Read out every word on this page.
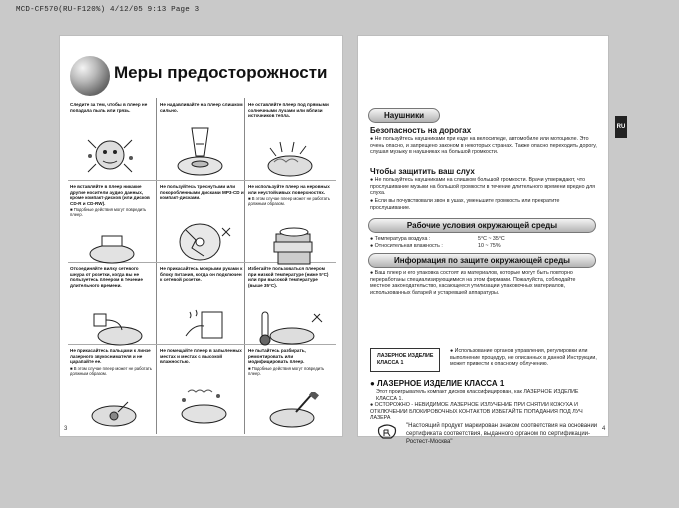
MCD-CF570(RU-F120%) 4/12/05 9:13 Page 3
Меры предосторожности
Следите за тем, чтобы в плеер не попадала пыль или грязь.
Не надавливайте на плеер слишком сильно.
Не оставляйте плеер под прямыми солнечными лучами или вблизи источников тепла.
Не вставляйте в плеер никакие другие носители аудио данных, кроме компакт-дисков (или дисков CD-R и CD-RW).
■ Подобные действия могут повредить плеер.
Не пользуйтесь треснутыми или покоробленными дисками MP3-CD и компакт-дисками.
Не используйте плеер на неровных или неустойчивых поверхностях.
■ В этом случае плеер может не работать должным образом.
Отсоединяйте вилку сетевого шнура от розетки, когда вы не пользуетесь плеером в течение длительного времени.
Не прикасайтесь мокрыми руками к блоку питания, когда он подключен к сетевой розетке.
Избегайте пользоваться плеером при низкой температуре (ниже 5°C) или при высокой температуре (выше 35°C).
Не прикасайтесь пальцами к линзе лазерного звукоснимателя и не царапайте ее.
■ В этом случае плеер может не работать должным образом.
Не помещайте плеер в запыленных местах и местах с высокой влажностью.
Не пытайтесь разбирать, ремонтировать или модифицировать плеер.
■ Подобные действия могут повредить плеер.
3
Наушники
Безопасность на дорогах
● Не пользуйтесь наушниками при езде на велосипеде, автомобиле или мотоцикле. Это очень опасно, и запрещено законом в некоторых странах. Также опасно переходить дорогу, слушая музыку в наушниках на большой громкости.
Чтобы защитить ваш слух
● Не пользуйтесь наушниками на слишком большой громкости. Врачи утверждают, что прослушивание музыки на большой громкости в течение длительного времени вредно для слуха.
● Если вы почувствовали звон в ушах, уменьшите громкость или прекратите прослушивание.
Рабочие условия окружающей среды
● Температура воздуха :	5°C ~ 35°C
● Относительная влажность :	10 ~ 75%
Информация по защите окружающей среды
● Ваш плеер и его упаковка состоят из материалов, которые могут быть повторно переработаны специализирующимися на этом фирмами. Пожалуйста, соблюдайте местное законодательство, касающееся утилизации упаковочных материалов, использованных батарей и устаревшей аппаратуры.
ЛАЗЕРНОЕ ИЗДЕЛИЕ КЛАССА 1
● Использование органов управления, регулировки или выполнение процедур, не описанных в данной Инструкции, может привести к опасному облучению.
● ЛАЗЕРНОЕ ИЗДЕЛИЕ КЛАССА 1
Этот проигрыватель компакт дисков классифицирован, как ЛАЗЕРНОЕ ИЗДЕЛИЕ КЛАССА 1.
● ОСТОРОЖНО - НЕВИДИМОЕ ЛАЗЕРНОЕ ИЗЛУЧЕНИЕ ПРИ СНЯТИИ КОЖУХА И ОТКЛЮЧЕНИИ БЛОКИРОВОЧНЫХ КОНТАКТОВ ИЗБЕГАЙТЕ ПОПАДАНИЯ ПОД ЛУЧ ЛАЗЕРА
"Настоящий продукт маркирован знаком соответствия на основании сертификата соответствия, выданного органом по сертификации-Ростест-Москва"
4
RU
